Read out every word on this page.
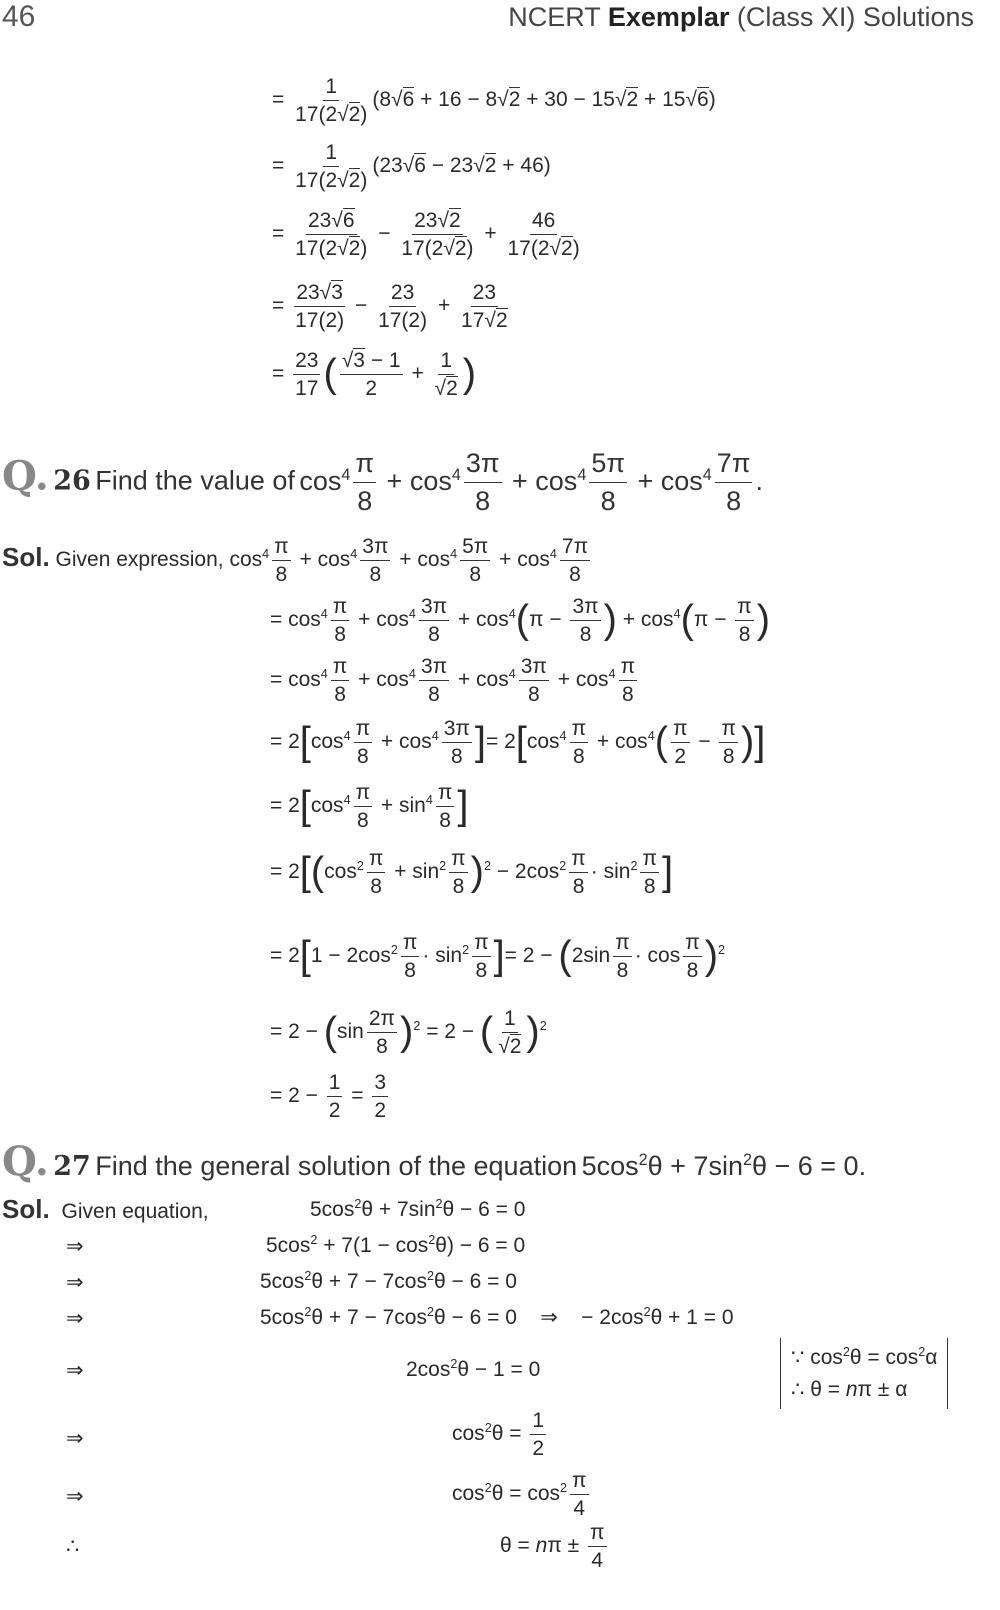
46	NCERT Exemplar (Class XI) Solutions
= $\frac{1}{17(2√2)} (8√6 + 16 - 8√2 + 30 - 15√2 + 15√6)$
= $\frac{1}{17(2√2)} (23√6 - 23√2 + 46)$
= $\frac{23√6}{17(2√2)} - \frac{23√2}{17(2√2)} + \frac{46}{17(2√2)}$
= $\frac{23√3}{17(2)} - \frac{23}{17(2)} + \frac{23}{17√2}$
= $\frac{23}{17}$ ( $\frac{√3 - 1}{2} + \frac{1}{√2}$ )
Q. 26 Find the value of $\cos^4 \frac{\pi}{8} + \cos^4 \frac{3\pi}{8} + \cos^4 \frac{5\pi}{8} + \cos^4 \frac{7\pi}{8}$ .
Sol. Given expression, $\cos^4 \frac{\pi}{8} + \cos^4 \frac{3\pi}{8} + \cos^4 \frac{5\pi}{8} + \cos^4 \frac{7\pi}{8}$
= $\cos^4 \frac{\pi}{8} + \cos^4 \frac{3\pi}{8} + \cos^4(\pi - \frac{3\pi}{8}$ ) + $\cos^4(\pi - \frac{\pi}{8}$ )
= $\cos^4 \frac{\pi}{8} + \cos^4 \frac{3\pi}{8} + \cos^4 \frac{3\pi}{8} + \cos^4 \frac{\pi}{8}$
= $2[\cos^4 \frac{\pi}{8} + \cos^4 \frac{3\pi}{8}$ ]= $2[\cos^4 \frac{\pi}{8} + \cos^4( \frac{\pi}{2} - \frac{\pi}{8}$ )]
= $2[\cos^4 \frac{\pi}{8} + \sin^4 \frac{\pi}{8}$ ]
= $2[(\cos^2 \frac{\pi}{8} + \sin^2 \frac{\pi}{8} )^2 - 2\cos^2 \frac{\pi}{8} \cdot \sin^2 \frac{\pi}{8}$ ]
= $2[1 - 2\cos^2 \frac{\pi}{8} \cdot \sin^2 \frac{\pi}{8}$ ]= $2 - (2\sin \frac{\pi}{8} \cdot \cos \frac{\pi}{8} )^2$
= $2 - (\sin \frac{2\pi}{8} )^2 = 2$ − ( $\frac{1}{√2} )^2$
= $2 - \frac{1}{2} = \frac{3}{2}$
Q. 27 Find the general solution of the equation $5\cos^2\theta + 7\sin^2\theta - 6 = 0$.
Sol. Given equation,	$5\cos^2\theta + 7\sin^2\theta - 6 = 0$
⇒	$5\cos^2 + 7(1 - \cos^2\theta) - 6 = 0$
⇒	$5\cos^2\theta + 7 - 7\cos^2\theta - 6 = 0$
⇒	$5\cos^2\theta + 7 - 7\cos^2\theta - 6 = 0$    ⇒    − $2\cos^2\theta + 1 = 0$
⇒	$2\cos^2\theta - 1 = 0$
∵ $\cos^2\theta = \cos^2\alpha$
∴ θ = nπ ± α
⇒	$\cos^2\theta = \frac{1}{2}$
⇒	$\cos^2\theta = \cos^2 \frac{\pi}{4}$
∴	$\theta = n\pi \pm \frac{\pi}{4}$
